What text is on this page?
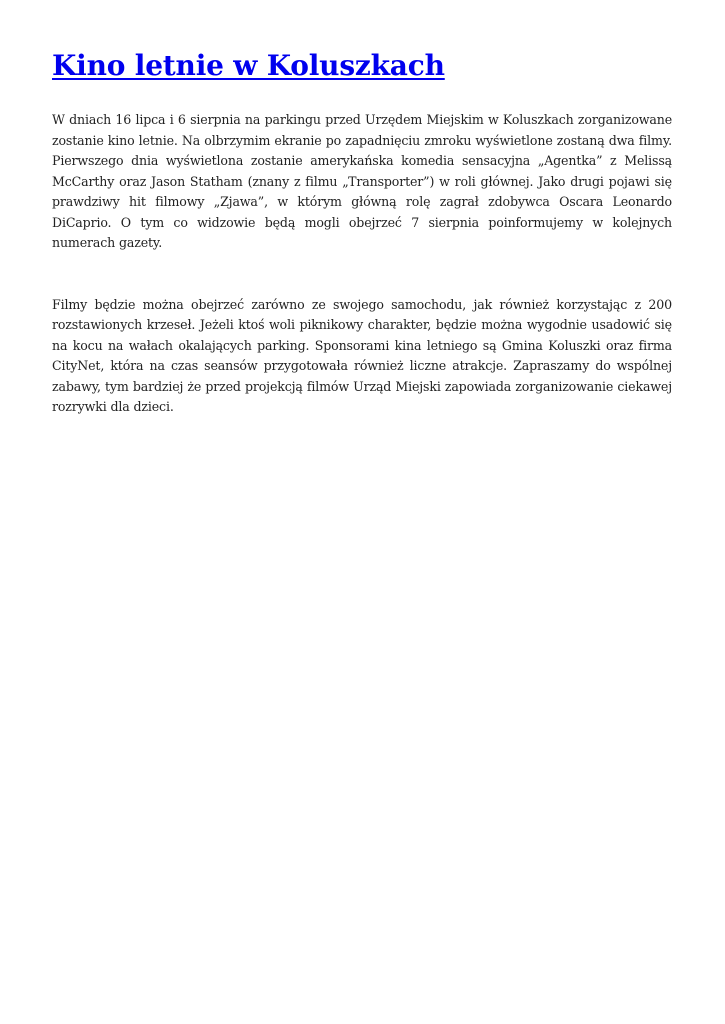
Kino letnie w Koluszkach

W dniach 16 lipca i 6 sierpnia na parkingu przed Urzędem Miejskim w Koluszkach zorganizowane zostanie kino letnie. Na olbrzymim ekranie po zapadnięciu zmroku wyświetlone zostaną dwa filmy. Pierwszego dnia wyświetlona zostanie amerykańska komedia sensacyjna „Agentka” z Melissą McCarthy oraz Jason Statham (znany z filmu „Transporter”) w roli głównej. Jako drugi pojawi się prawdziwy hit filmowy „Zjawa”, w którym główną rolę zagrał zdobywca Oscara Leonardo DiCaprio. O tym co widzowie będą mogli obejrzeć 7 sierpnia poinformujemy w kolejnych numerach gazety.

Filmy będzie można obejrzeć zarówno ze swojego samochodu, jak również korzystając z 200 rozstawionych krzeseł. Jeżeli ktoś woli piknikowy charakter, będzie można wygodnie usadowić się na kocu na wałach okalających parking. Sponsorami kina letniego są Gmina Koluszki oraz firma CityNet, która na czas seansów przygotowała również liczne atrakcje. Zapraszamy do wspólnej zabawy, tym bardziej że przed projekcją filmów Urząd Miejski zapowiada zorganizowanie ciekawej rozrywki dla dzieci.
